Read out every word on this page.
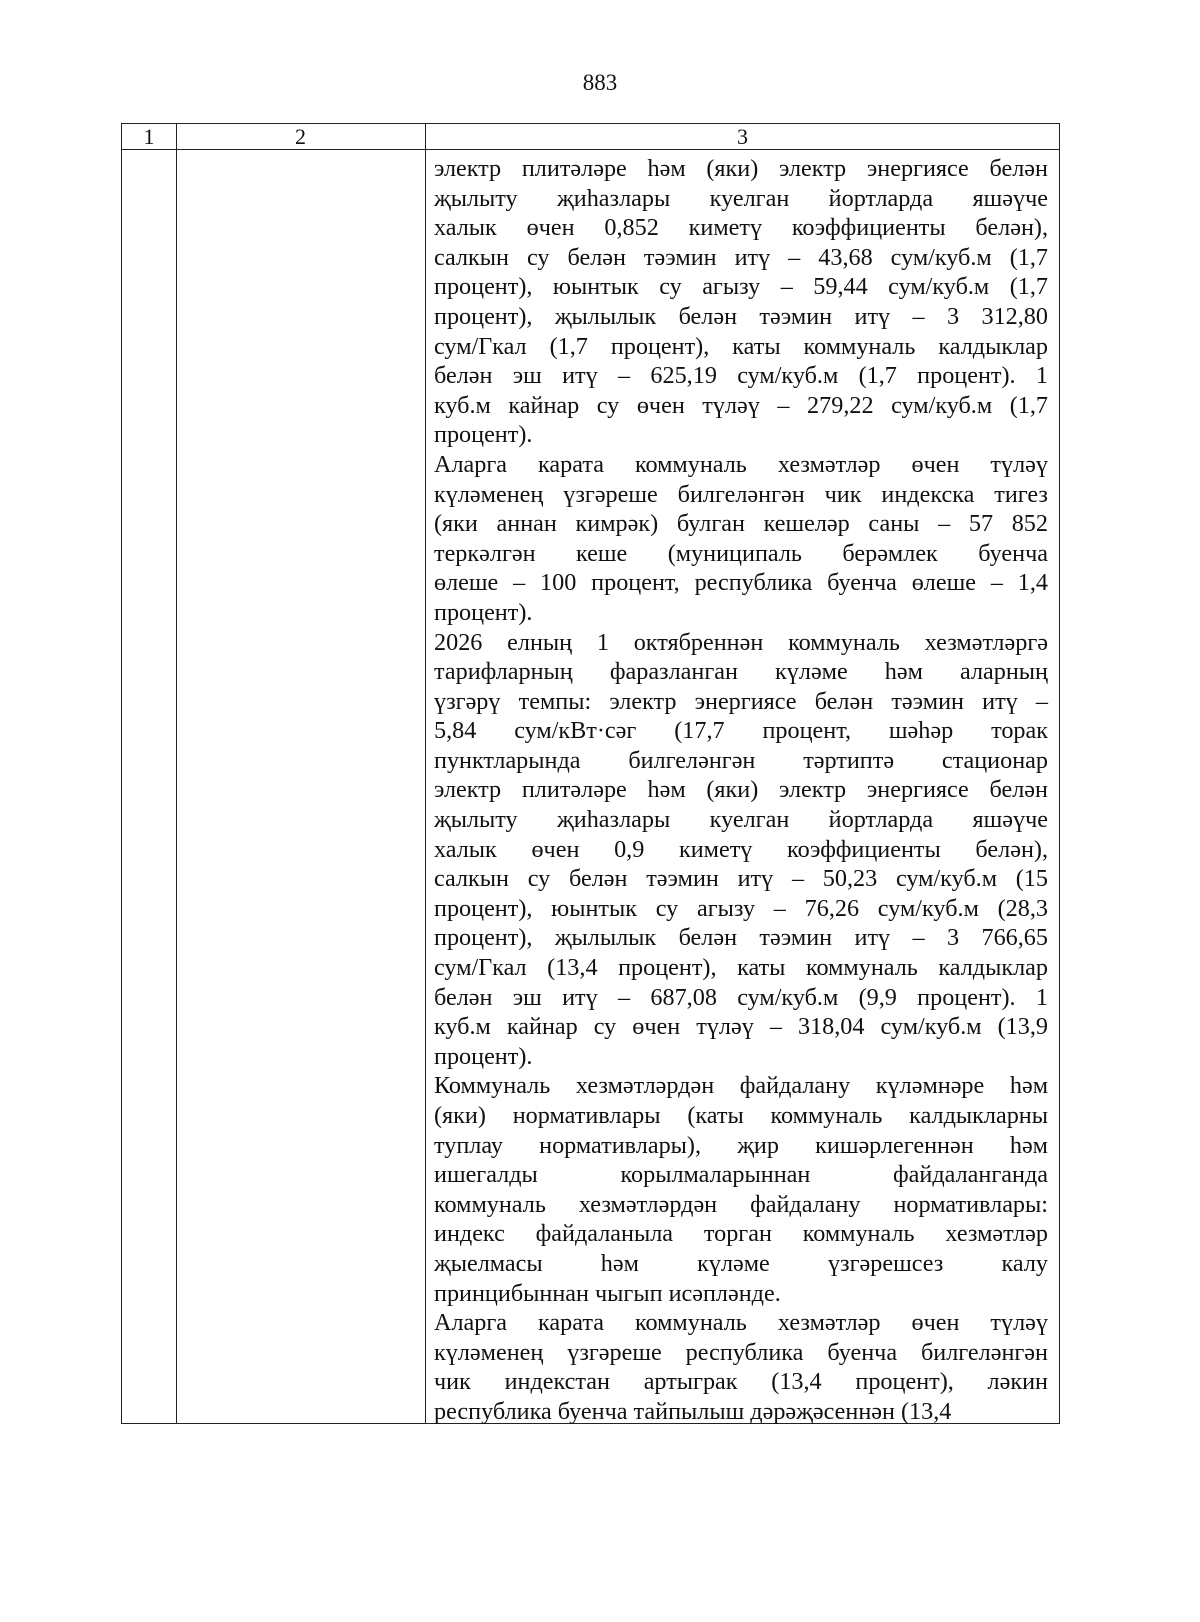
883
1	2	3
электр плитәләре һәм (яки) электр энергиясе белән
җылыту җиһазлары куелган йортларда яшәүче
халык өчен 0,852 киметү коэффициенты белән),
салкын су белән тәэмин итү – 43,68 сум/куб.м (1,7
процент), юынтык су агызу – 59,44 сум/куб.м (1,7
процент), җылылык белән тәэмин итү – 3 312,80
сум/Гкал (1,7 процент), каты коммуналь калдыклар
белән эш итү – 625,19 сум/куб.м (1,7 процент). 1
куб.м кайнар су өчен түләү – 279,22 сум/куб.м (1,7
процент).
Аларга карата коммуналь хезмәтләр өчен түләү
күләменең үзгәреше билгеләнгән чик индекска тигез
(яки аннан кимрәк) булган кешеләр саны – 57 852
теркәлгән кеше (муниципаль берәмлек буенча
өлеше – 100 процент, республика буенча өлеше – 1,4
процент).
2026 елның 1 октябреннән коммуналь хезмәтләргә
тарифларның фаразланган күләме һәм аларның
үзгәрү темпы: электр энергиясе белән тәэмин итү –
5,84 сум/кВт·сәг (17,7 процент, шәһәр торак
пунктларында билгеләнгән тәртиптә стационар
электр плитәләре һәм (яки) электр энергиясе белән
җылыту җиһазлары куелган йортларда яшәүче
халык өчен 0,9 киметү коэффициенты белән),
салкын су белән тәэмин итү – 50,23 сум/куб.м (15
процент), юынтык су агызу – 76,26 сум/куб.м (28,3
процент), җылылык белән тәэмин итү – 3 766,65
сум/Гкал (13,4 процент), каты коммуналь калдыклар
белән эш итү – 687,08 сум/куб.м (9,9 процент). 1
куб.м кайнар су өчен түләү – 318,04 сум/куб.м (13,9
процент).
Коммуналь хезмәтләрдән файдалану күләмнәре һәм
(яки) нормативлары (каты коммуналь калдыкларны
туплау нормативлары), җир кишәрлегеннән һәм
ишегалды корылмаларыннан файдаланганда
коммуналь хезмәтләрдән файдалану нормативлары:
индекс файдаланыла торган коммуналь хезмәтләр
җыелмасы һәм күләме үзгәрешсез калу
принцибыннан чыгып исәпләнде.
Аларга карата коммуналь хезмәтләр өчен түләү
күләменең үзгәреше республика буенча билгеләнгән
чик индекстан артыграк (13,4 процент), ләкин
республика буенча тайпылыш дәрәҗәсеннән (13,4
